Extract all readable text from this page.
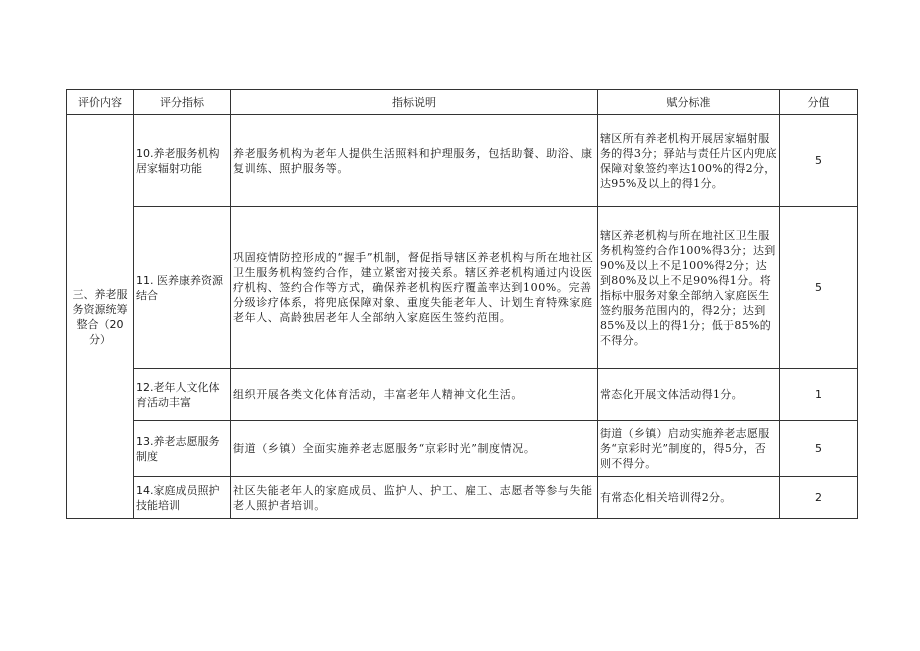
评价内容	评分指标	指标说明	赋分标准	分值
三、养老服务资源统筹整合（20分）	10.养老服务机构居家辐射功能	养老服务机构为老年人提供生活照料和护理服务，包括助餐、助浴、康复训练、照护服务等。	辖区所有养老机构开展居家辐射服务的得3分；驿站与责任片区内兜底保障对象签约率达100%的得2分，达95%及以上的得1分。	5
	11. 医养康养资源结合	巩固疫情防控形成的“握手”机制，督促指导辖区养老机构与所在地社区卫生服务机构签约合作，建立紧密对接关系。辖区养老机构通过内设医疗机构、签约合作等方式，确保养老机构医疗覆盖率达到100%。完善分级诊疗体系，将兜底保障对象、重度失能老年人、计划生育特殊家庭老年人、高龄独居老年人全部纳入家庭医生签约范围。	辖区养老机构与所在地社区卫生服务机构签约合作100%得3分；达到90%及以上不足100%得2分；达到80%及以上不足90%得1分。将指标中服务对象全部纳入家庭医生签约服务范围内的，得2分；达到85%及以上的得1分；低于85%的不得分。	5
	12.老年人文化体育活动丰富	组织开展各类文化体育活动，丰富老年人精神文化生活。	常态化开展文体活动得1分。	1
	13.养老志愿服务制度	街道（乡镇）全面实施养老志愿服务“京彩时光”制度情况。	街道（乡镇）启动实施养老志愿服务“京彩时光”制度的，得5分，否则不得分。	5
	14.家庭成员照护技能培训	社区失能老年人的家庭成员、监护人、护工、雇工、志愿者等参与失能老人照护者培训。	有常态化相关培训得2分。	2
